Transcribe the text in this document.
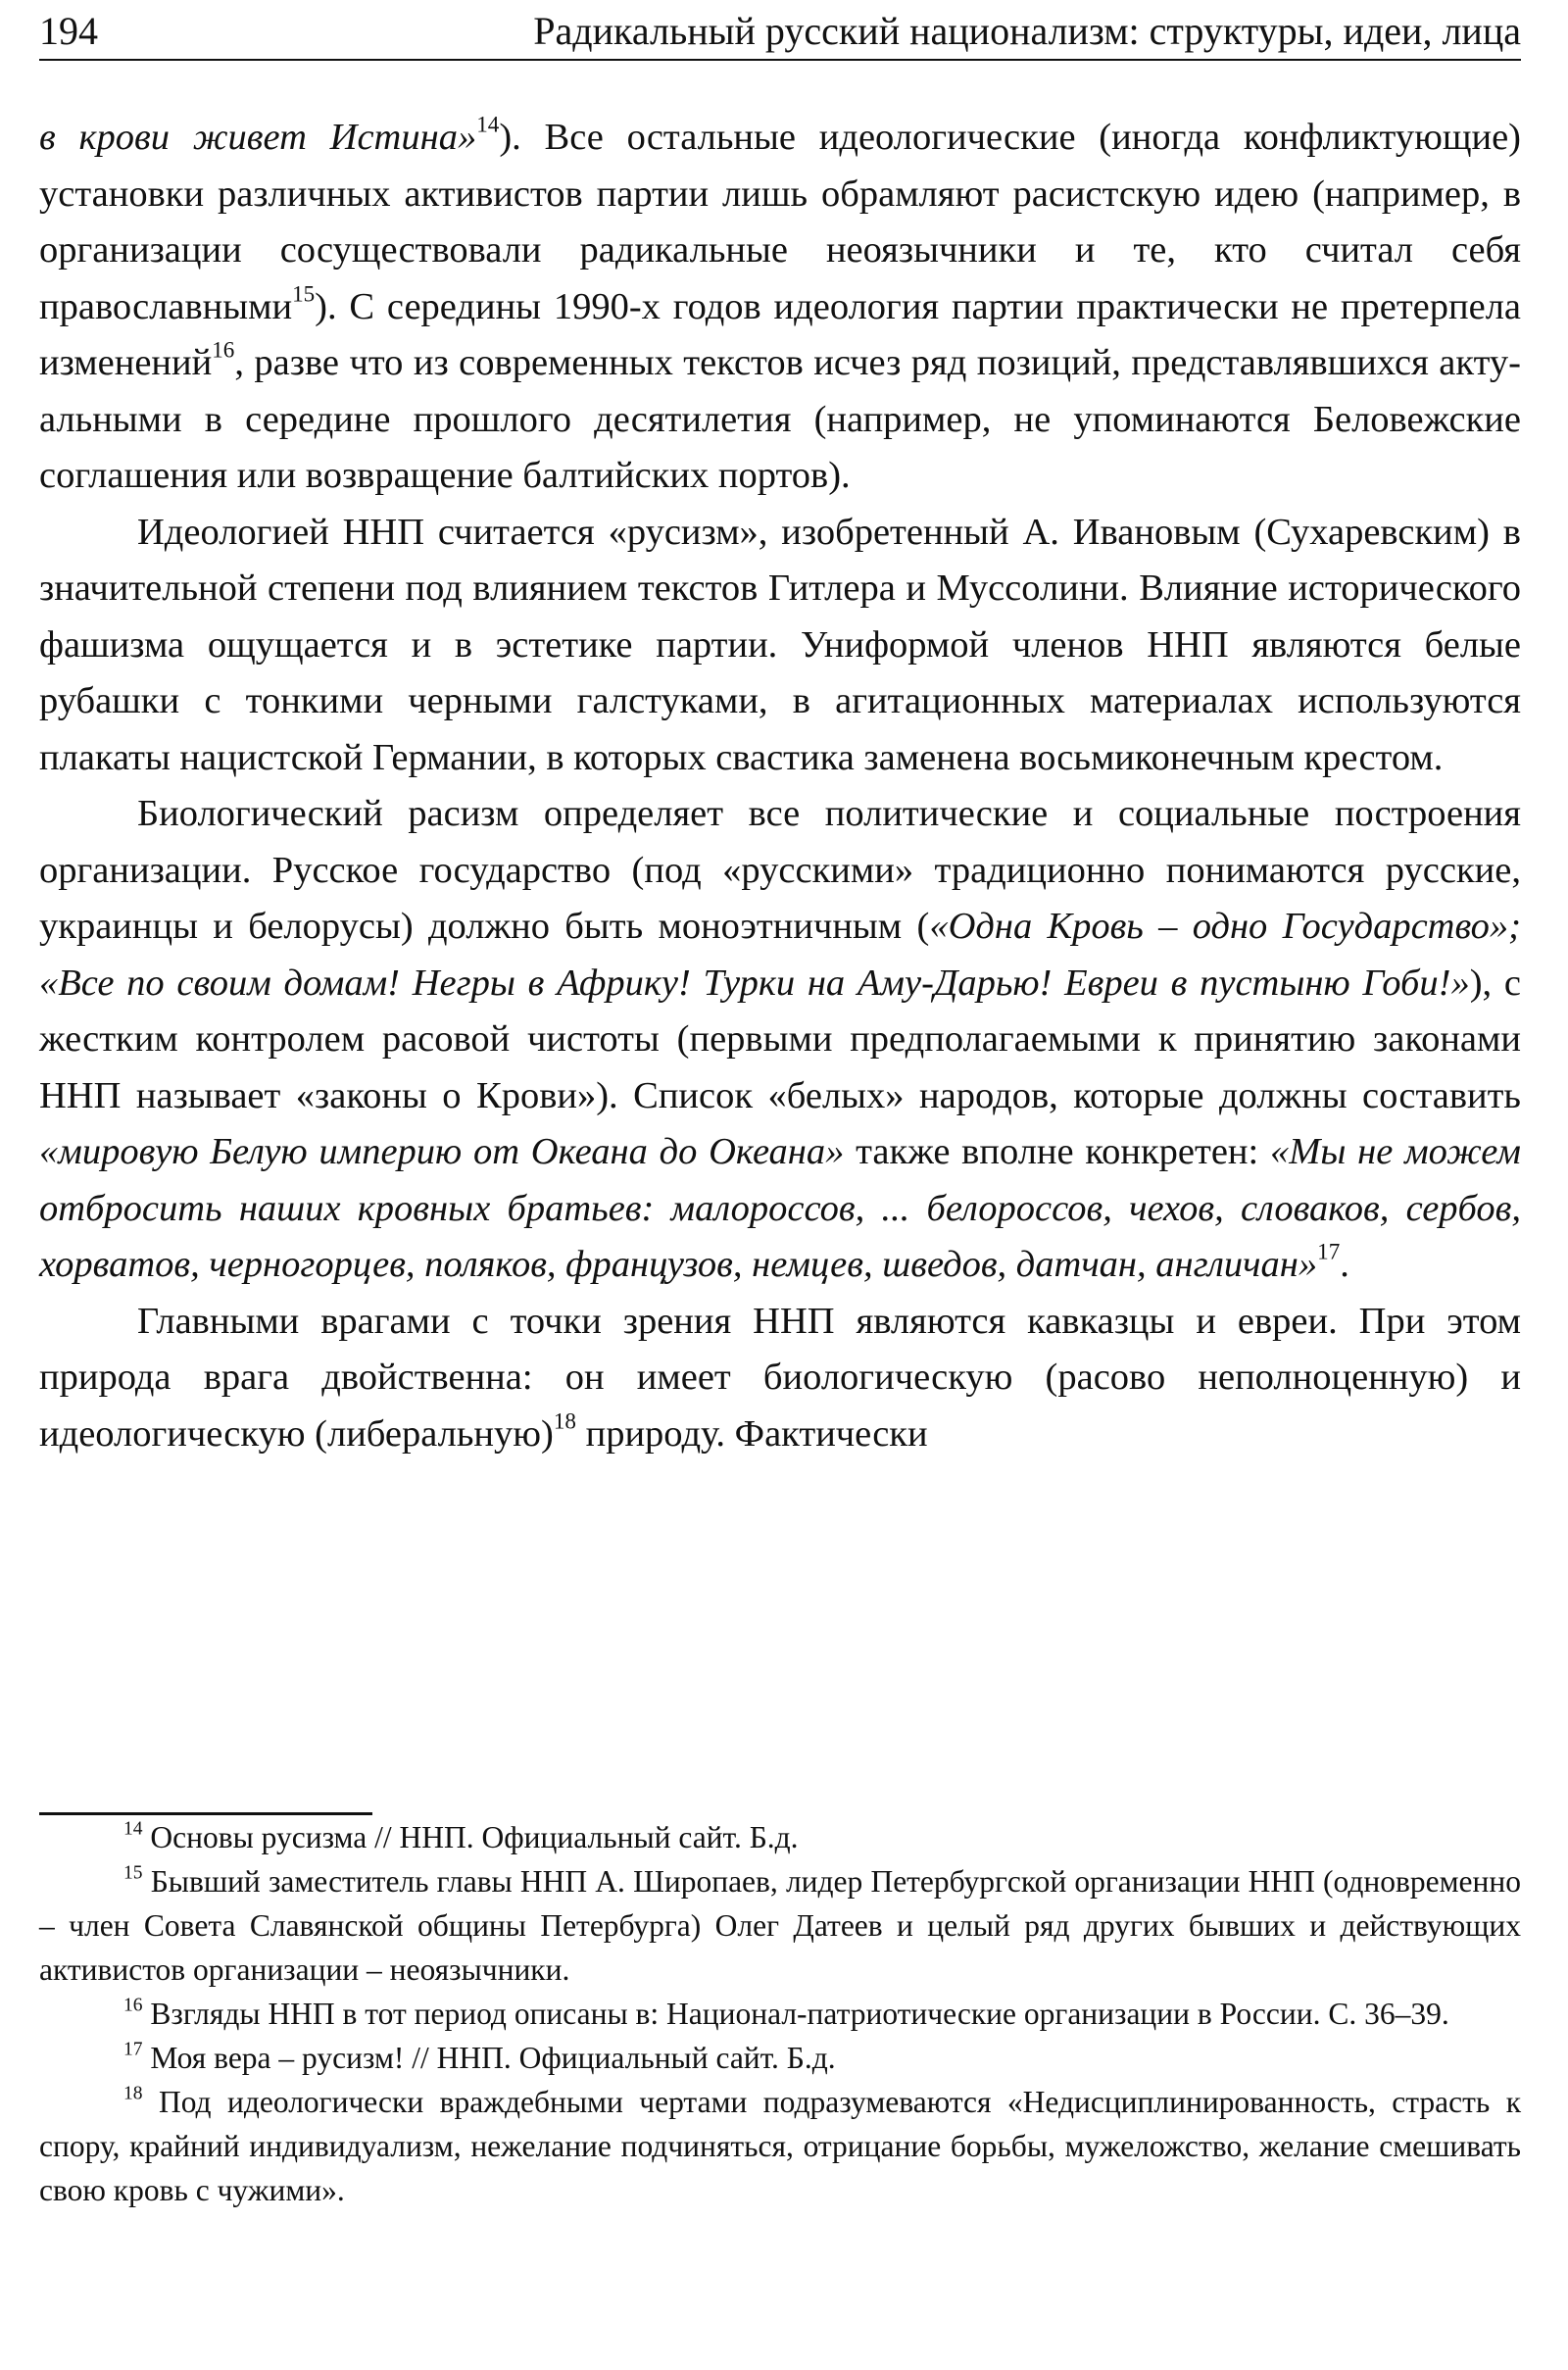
194	Радикальный русский национализм: структуры, идеи, лица

в крови живет Истина»$^{14}$). Все остальные идеологические (иногда конфликтующие) установки различных активистов партии лишь обрамляют расистскую идею (например, в организации сосуществовали радикальные неоязычники и те, кто считал себя православными$^{15}$). С середины 1990-х годов идеология партии практически не претерпела изменений$^{16}$, разве что из современных текстов исчез ряд позиций, представлявшихся актуальными в середине прошлого десятилетия (например, не упоминаются Беловежские соглашения или возвращение балтийских портов).

Идеологией ННП считается «русизм», изобретенный А. Ивановым (Сухаревским) в значительной степени под влиянием текстов Гитлера и Муссолини. Влияние исторического фашизма ощущается и в эстетике партии. Униформой членов ННП являются белые рубашки с тонкими черными галстуками, в агитационных материалах используются плакаты нацистской Германии, в которых свастика заменена восьмиконечным крестом.

Биологический расизм определяет все политические и социальные построения организации. Русское государство (под «русскими» традиционно понимаются русские, украинцы и белорусы) должно быть моноэтничным («Одна Кровь – одно Государство»; «Все по своим домам! Негры в Африку! Турки на Аму-Дарью! Евреи в пустыню Гоби!»), с жестким контролем расовой чистоты (первыми предполагаемыми к принятию законами ННП называет «законы о Крови»). Список «белых» народов, которые должны составить «мировую Белую империю от Океана до Океана» также вполне конкретен: «Мы не можем отбросить наших кровных братьев: малороссов, ... белороссов, чехов, словаков, сербов, хорватов, черногорцев, поляков, французов, немцев, шведов, датчан, англичан»$^{17}$.

Главными врагами с точки зрения ННП являются кавказцы и евреи. При этом природа врага двойственна: он имеет биологическую (расово неполноценную) и идеологическую (либеральную)$^{18}$ природу. Фактически

$^{14}$ Основы русизма // ННП. Официальный сайт. Б.д.

$^{15}$ Бывший заместитель главы ННП А. Широпаев, лидер Петербургской организации ННП (одновременно – член Совета Славянской общины Петербурга) Олег Датеев и целый ряд других бывших и действующих активистов организации – неоязычники.

$^{16}$ Взгляды ННП в тот период описаны в: Национал-патриотические организации в России. С. 36–39.

$^{17}$ Моя вера – русизм! // ННП. Официальный сайт. Б.д.

$^{18}$ Под идеологически враждебными чертами подразумеваются «Недисциплинированность, страсть к спору, крайний индивидуализм, нежелание подчиняться, отрицание борьбы, мужеложство, желание смешивать свою кровь с чужими».
